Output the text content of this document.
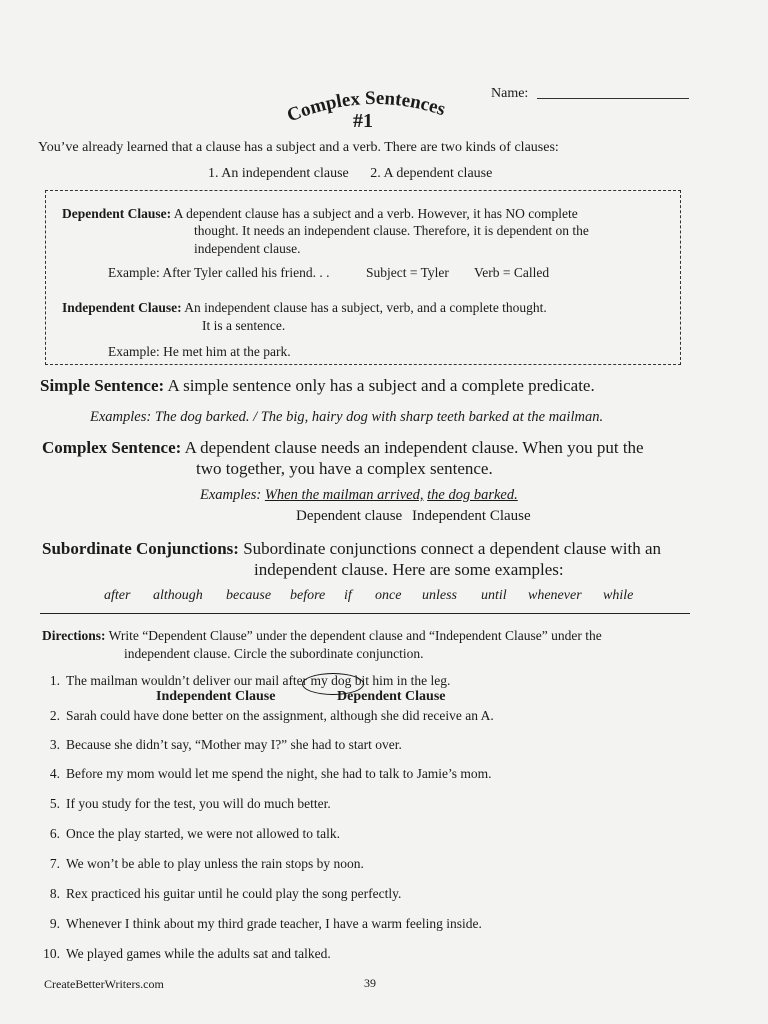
Name:
Complex Sentences
#1
You’ve already learned that a clause has a subject and a verb. There are two kinds of clauses:
1. An independent clause 2. A dependent clause
Dependent Clause: A dependent clause has a subject and a verb. However, it has NO complete
thought. It needs an independent clause. Therefore, it is dependent on the
independent clause.
Example: After Tyler called his friend. . .	Subject = Tyler Verb = Called
Independent Clause: An independent clause has a subject, verb, and a complete thought.
It is a sentence.
Example: He met him at the park.
Simple Sentence: A simple sentence only has a subject and a complete predicate.
Examples: The dog barked. / The big, hairy dog with sharp teeth barked at the mailman.
Complex Sentence: A dependent clause needs an independent clause. When you put the
two together, you have a complex sentence.
Examples: When the mailman arrived, the dog barked.
Dependent clause Independent Clause
Subordinate Conjunctions: Subordinate conjunctions connect a dependent clause with an
independent clause. Here are some examples:
after although because before if once unless until whenever while
Directions: Write “Dependent Clause” under the dependent clause and “Independent Clause” under the
independent clause. Circle the subordinate conjunction.
1. The mailman wouldn’t deliver our mail after my dog bit him in the leg.
Independent Clause	Dependent Clause
2. Sarah could have done better on the assignment, although she did receive an A.
3. Because she didn’t say, “Mother may I?” she had to start over.
4. Before my mom would let me spend the night, she had to talk to Jamie’s mom.
5. If you study for the test, you will do much better.
6. Once the play started, we were not allowed to talk.
7. We won’t be able to play unless the rain stops by noon.
8. Rex practiced his guitar until he could play the song perfectly.
9. Whenever I think about my third grade teacher, I have a warm feeling inside.
10. We played games while the adults sat and talked.
CreateBetterWriters.com	39
